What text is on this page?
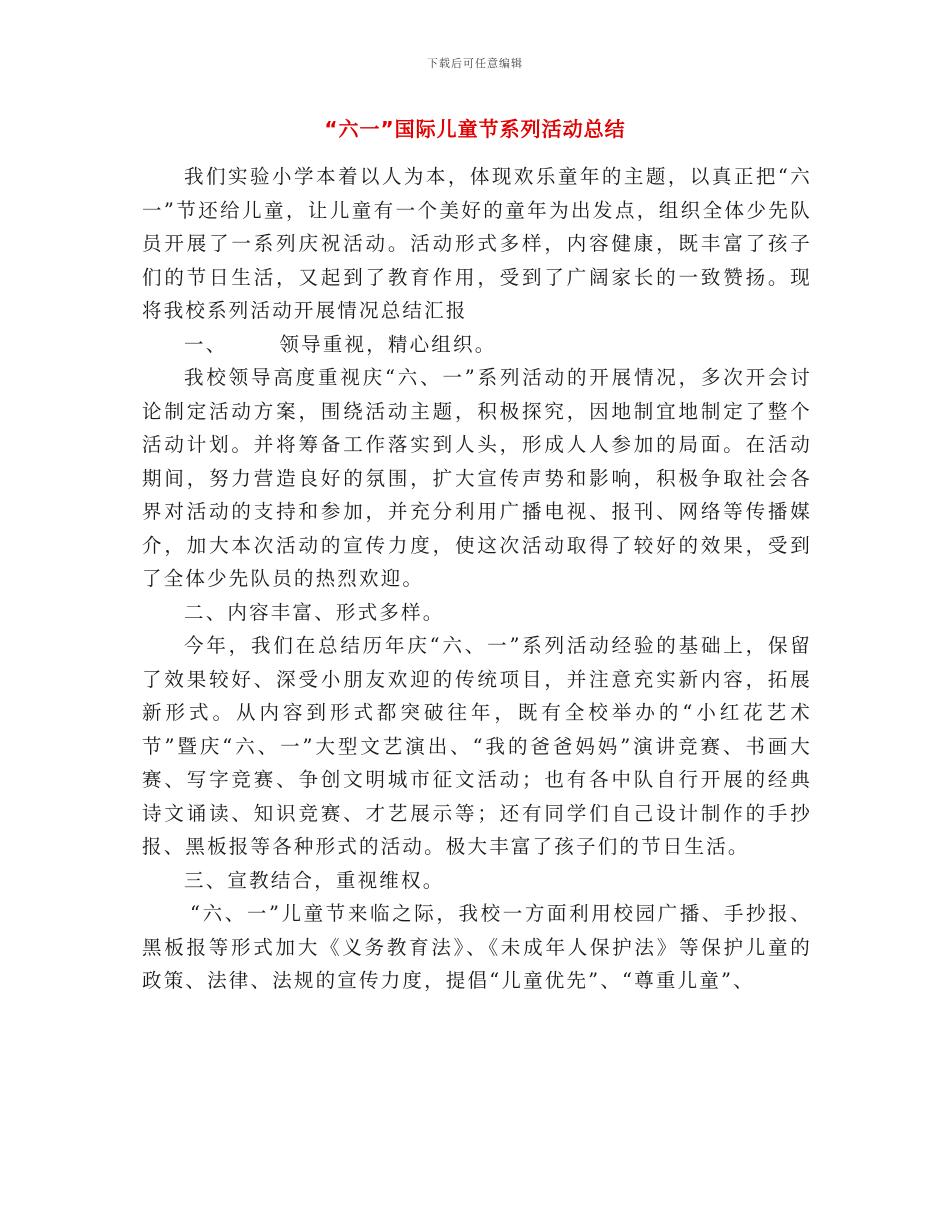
下载后可任意编辑
“六一”国际儿童节系列活动总结

我们实验小学本着以人为本，体现欢乐童年的主题，以真正把“六一”节还给儿童，让儿童有一个美好的童年为出发点，组织全体少先队员开展了一系列庆祝活动。活动形式多样，内容健康，既丰富了孩子们的节日生活，又起到了教育作用，受到了广阔家长的一致赞扬。现将我校系列活动开展情况总结汇报

一、	领导重视，精心组织。

我校领导高度重视庆“六、一”系列活动的开展情况，多次开会讨论制定活动方案，围绕活动主题，积极探究，因地制宜地制定了整个活动计划。并将筹备工作落实到人头，形成人人参加的局面。在活动期间，努力营造良好的氛围，扩大宣传声势和影响，积极争取社会各界对活动的支持和参加，并充分利用广播电视、报刊、网络等传播媒介，加大本次活动的宣传力度，使这次活动取得了较好的效果，受到了全体少先队员的热烈欢迎。

二、内容丰富、形式多样。

今年，我们在总结历年庆“六、一”系列活动经验的基础上，保留了效果较好、深受小朋友欢迎的传统项目，并注意充实新内容，拓展新形式。从内容到形式都突破往年，既有全校举办的“小红花艺术节”暨庆“六、一”大型文艺演出、“我的爸爸妈妈”演讲竞赛、书画大赛、写字竞赛、争创文明城市征文活动；也有各中队自行开展的经典诗文诵读、知识竞赛、才艺展示等；还有同学们自己设计制作的手抄报、黑板报等各种形式的活动。极大丰富了孩子们的节日生活。

三、宣教结合，重视维权。

“六、一”儿童节来临之际，我校一方面利用校园广播、手抄报、黑板报等形式加大《义务教育法》、《未成年人保护法》等保护儿童的政策、法律、法规的宣传力度，提倡“儿童优先”、“尊重儿童”、
